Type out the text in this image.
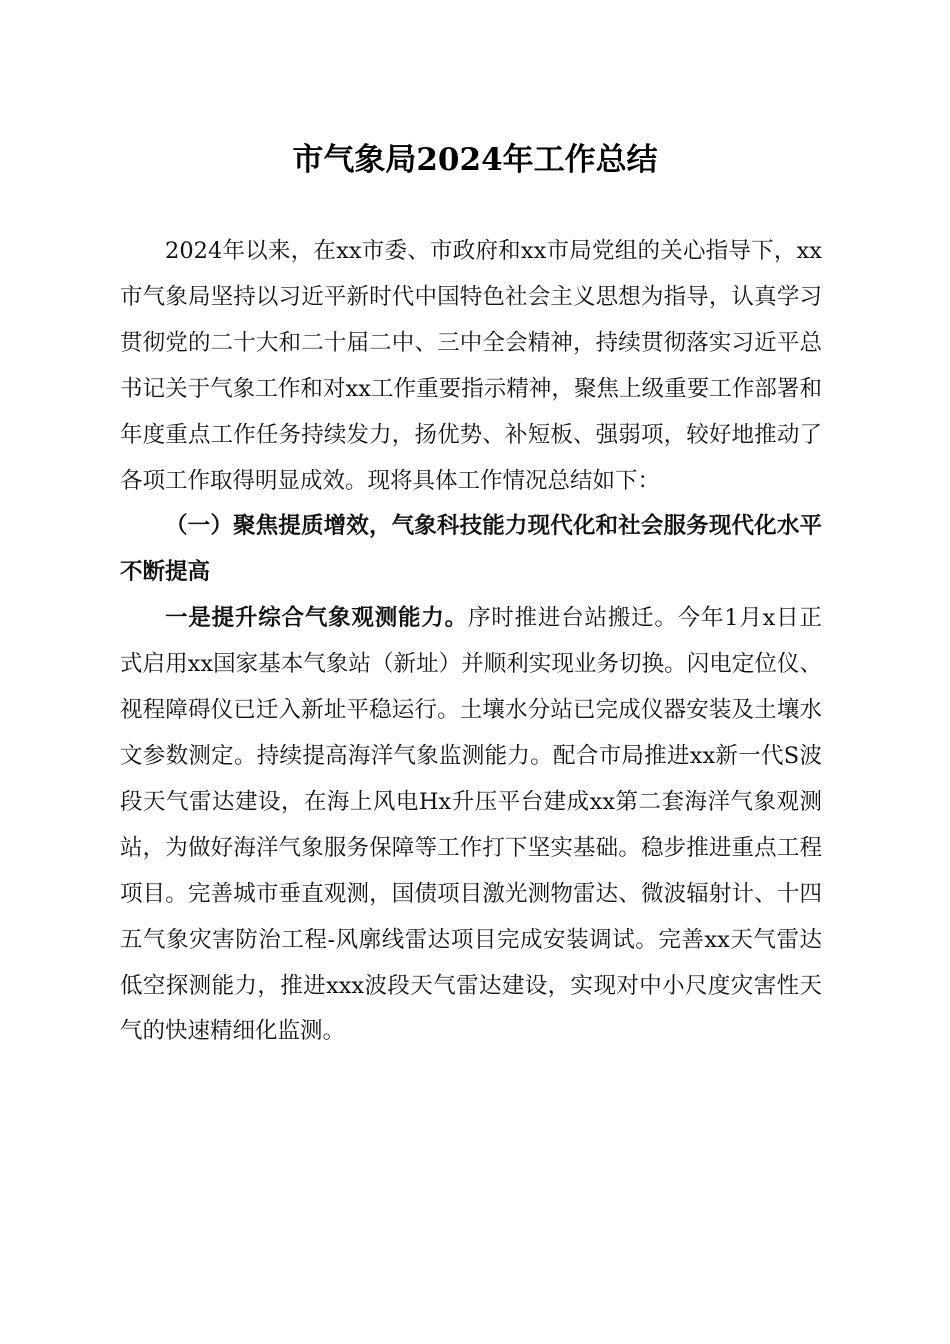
市气象局2024年工作总结

2024年以来，在xx市委、市政府和xx市局党组的关心指导下，xx市气象局坚持以习近平新时代中国特色社会主义思想为指导，认真学习贯彻党的二十大和二十届二中、三中全会精神，持续贯彻落实习近平总书记关于气象工作和对xx工作重要指示精神，聚焦上级重要工作部署和年度重点工作任务持续发力，扬优势、补短板、强弱项，较好地推动了各项工作取得明显成效。现将具体工作情况总结如下：

（一）聚焦提质增效，气象科技能力现代化和社会服务现代化水平不断提高

一是提升综合气象观测能力。序时推进台站搬迁。今年1月x日正式启用xx国家基本气象站（新址）并顺利实现业务切换。闪电定位仪、视程障碍仪已迁入新址平稳运行。土壤水分站已完成仪器安装及土壤水文参数测定。持续提高海洋气象监测能力。配合市局推进xx新一代S波段天气雷达建设，在海上风电Hx升压平台建成xx第二套海洋气象观测站，为做好海洋气象服务保障等工作打下坚实基础。稳步推进重点工程项目。完善城市垂直观测，国债项目激光测物雷达、微波辐射计、十四五气象灾害防治工程-风廓线雷达项目完成安装调试。完善xx天气雷达低空探测能力，推进xxx波段天气雷达建设，实现对中小尺度灾害性天气的快速精细化监测。
